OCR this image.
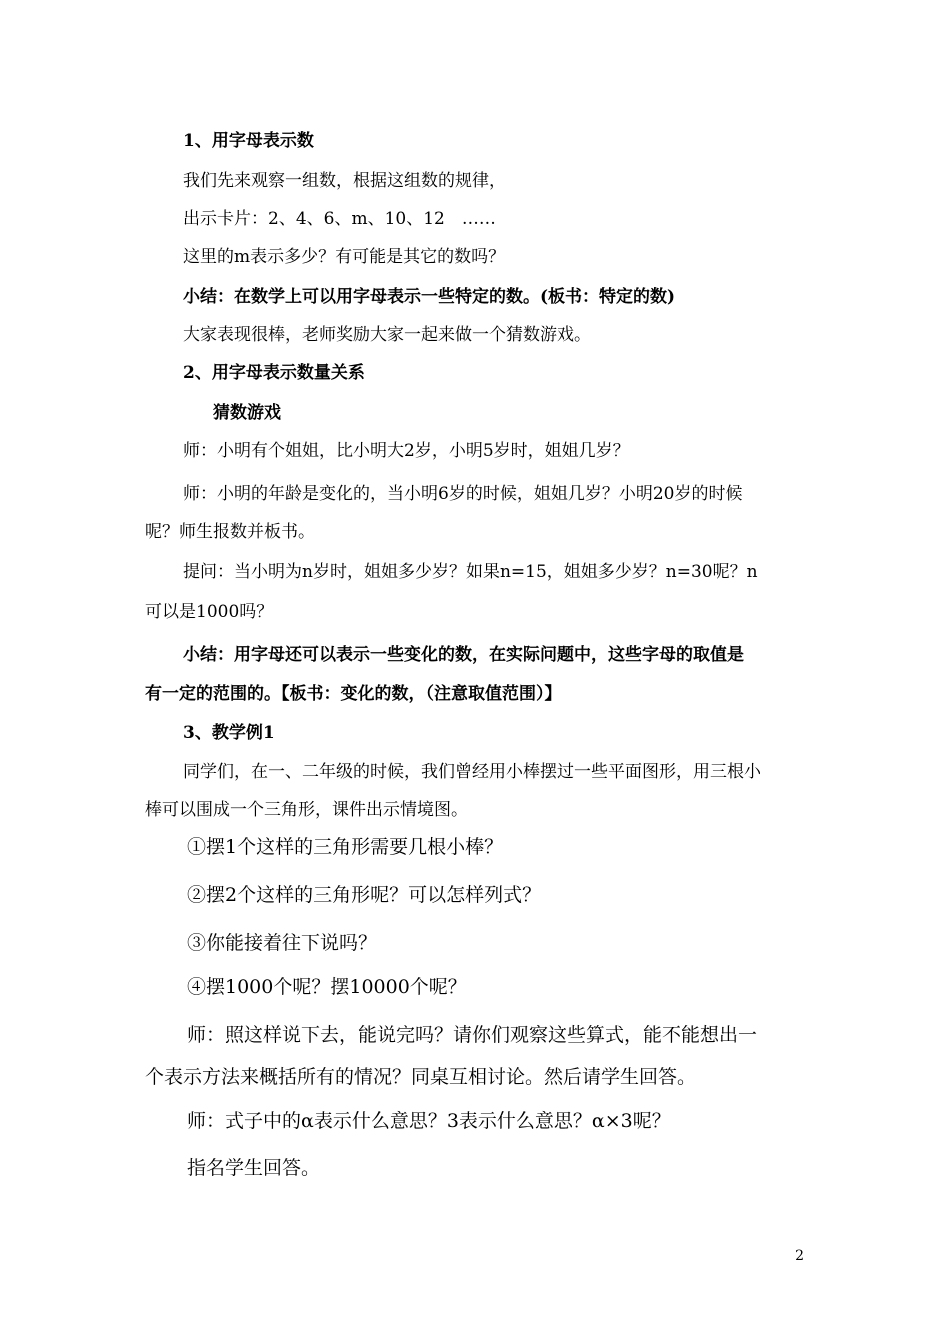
1、用字母表示数
我们先来观察一组数，根据这组数的规律，
出示卡片：2、4、6、m、10、12　……
这里的m表示多少？有可能是其它的数吗？
小结：在数学上可以用字母表示一些特定的数。(板书：特定的数)
大家表现很棒，老师奖励大家一起来做一个猜数游戏。
2、用字母表示数量关系
猜数游戏
师：小明有个姐姐，比小明大2岁，小明5岁时，姐姐几岁？
师：小明的年龄是变化的，当小明6岁的时候，姐姐几岁？小明20岁的时候
呢？师生报数并板书。
提问：当小明为n岁时，姐姐多少岁？如果n=15，姐姐多少岁？n=30呢？n
可以是1000吗？
小结：用字母还可以表示一些变化的数，在实际问题中，这些字母的取值是
有一定的范围的。【板书：变化的数，（注意取值范围）】
3、教学例1
同学们，在一、二年级的时候，我们曾经用小棒摆过一些平面图形，用三根小
棒可以围成一个三角形，课件出示情境图。
①摆1个这样的三角形需要几根小棒？
②摆2个这样的三角形呢？可以怎样列式？
③你能接着往下说吗？
④摆1000个呢？摆10000个呢？
师：照这样说下去，能说完吗？请你们观察这些算式，能不能想出一
个表示方法来概括所有的情况？同桌互相讨论。然后请学生回答。
师：式子中的α表示什么意思？3表示什么意思？α×3呢？
指名学生回答。
2
